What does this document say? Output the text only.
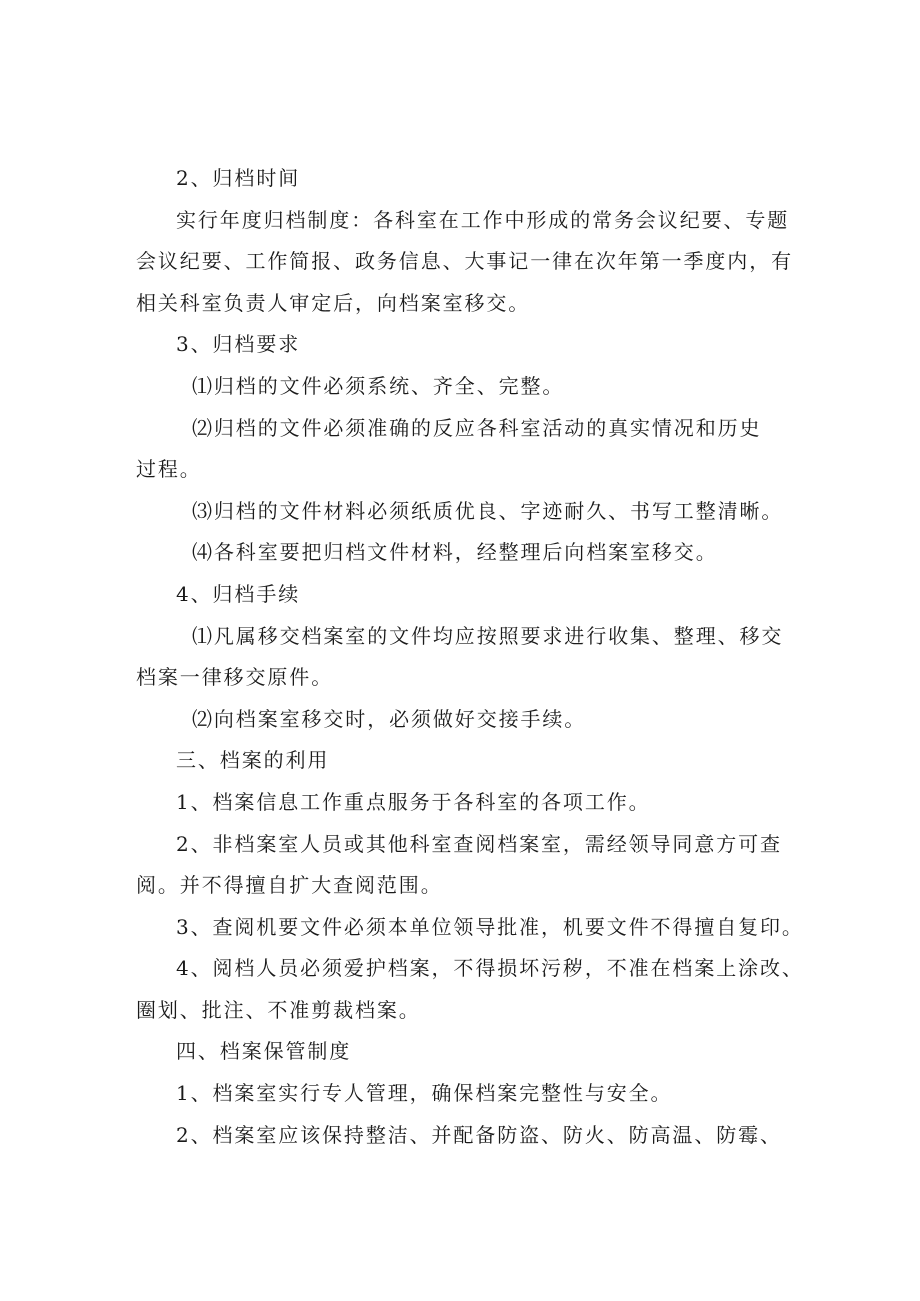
2、归档时间
实行年度归档制度：各科室在工作中形成的常务会议纪要、专题
会议纪要、工作简报、政务信息、大事记一律在次年第一季度内，有
相关科室负责人审定后，向档案室移交。
3、归档要求
⑴归档的文件必须系统、齐全、完整。
⑵归档的文件必须准确的反应各科室活动的真实情况和历史
过程。
⑶归档的文件材料必须纸质优良、字迹耐久、书写工整清晰。
⑷各科室要把归档文件材料，经整理后向档案室移交。
4、归档手续
⑴凡属移交档案室的文件均应按照要求进行收集、整理、移交
档案一律移交原件。
⑵向档案室移交时，必须做好交接手续。
三、档案的利用
1、档案信息工作重点服务于各科室的各项工作。
2、非档案室人员或其他科室查阅档案室，需经领导同意方可查
阅。并不得擅自扩大查阅范围。
3、查阅机要文件必须本单位领导批准，机要文件不得擅自复印。
4、阅档人员必须爱护档案，不得损坏污秽，不准在档案上涂改、
圈划、批注、不准剪裁档案。
四、档案保管制度
1、档案室实行专人管理，确保档案完整性与安全。
2、档案室应该保持整洁、并配备防盗、防火、防高温、防霉、
